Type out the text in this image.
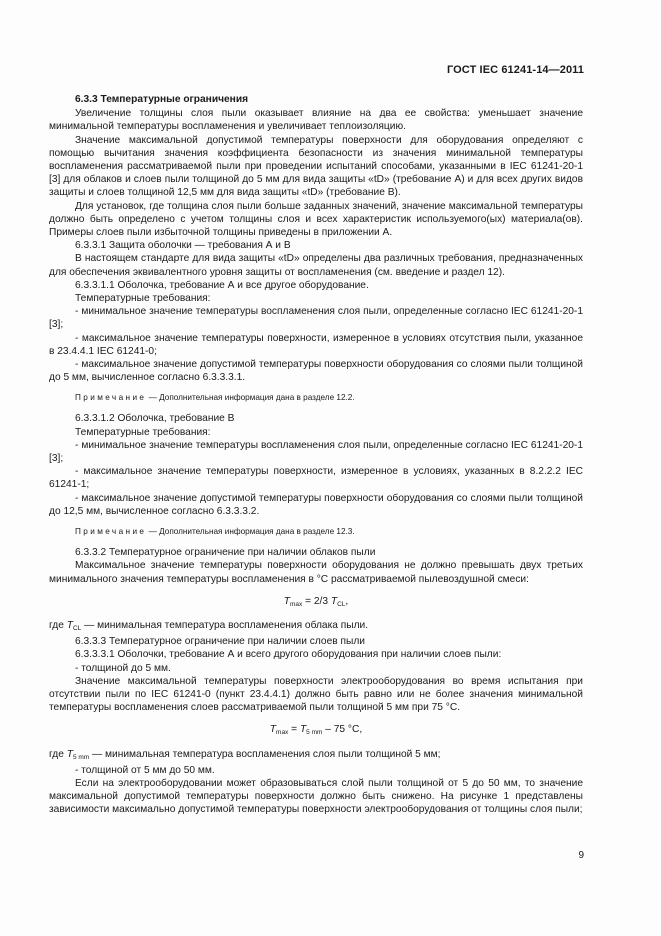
ГОСТ IEC 61241-14—2011
6.3.3 Температурные ограничения

Увеличение толщины слоя пыли оказывает влияние на два ее свойства: уменьшает значение минимальной температуры воспламенения и увеличивает теплоизоляцию.

Значение максимальной допустимой температуры поверхности для оборудования определяют с помощью вычитания значения коэффициента безопасности из значения минимальной температуры воспламенения рассматриваемой пыли при проведении испытаний способами, указанными в IEC 61241-20-1 [3] для облаков и слоев пыли толщиной до 5 мм для вида защиты «tD» (требование А) и для всех других видов защиты и слоев толщиной 12,5 мм для вида защиты «tD» (требование В).

Для установок, где толщина слоя пыли больше заданных значений, значение максимальной температуры должно быть определено с учетом толщины слоя и всех характеристик используемого(ых) материала(ов). Примеры слоев пыли избыточной толщины приведены в приложении А.

6.3.3.1 Защита оболочки — требования А и В

В настоящем стандарте для вида защиты «tD» определены два различных требования, предназначенных для обеспечения эквивалентного уровня защиты от воспламенения (см. введение и раздел 12).

6.3.3.1.1 Оболочка, требование А и все другое оборудование.

Температурные требования:

- минимальное значение температуры воспламенения слоя пыли, определенные согласно IEC 61241-20-1 [3];

- максимальное значение температуры поверхности, измеренное в условиях отсутствия пыли, указанное в 23.4.4.1 IEC 61241-0;

- максимальное значение допустимой температуры поверхности оборудования со слоями пыли толщиной до 5 мм, вычисленное согласно 6.3.3.3.1.

Примечание — Дополнительная информация дана в разделе 12.2.

6.3.3.1.2 Оболочка, требование В

Температурные требования:

- минимальное значение температуры воспламенения слоя пыли, определенные согласно IEC 61241-20-1 [3];

- максимальное значение температуры поверхности, измеренное в условиях, указанных в 8.2.2.2 IEC 61241-1;

- максимальное значение допустимой температуры поверхности оборудования со слоями пыли толщиной до 12,5 мм, вычисленное согласно 6.3.3.3.2.

Примечание — Дополнительная информация дана в разделе 12.3.

6.3.3.2 Температурное ограничение при наличии облаков пыли

Максимальное значение температуры поверхности оборудования не должно превышать двух третьих минимального значения температуры воспламенения в °С рассматриваемой пылевоздушной смеси:

Tmax = 2/3 TCL,

где TCL — минимальная температура воспламенения облака пыли.

6.3.3.3 Температурное ограничение при наличии слоев пыли

6.3.3.3.1 Оболочки, требование А и всего другого оборудования при наличии слоев пыли:

- толщиной до 5 мм.

Значение максимальной температуры поверхности электрооборудования во время испытания при отсутствии пыли по IEC 61241-0 (пункт 23.4.4.1) должно быть равно или не более значения минимальной температуры воспламенения слоев рассматриваемой пыли толщиной 5 мм при 75 °С.

Tmax = T5 mm – 75 °С,

где T5 mm — минимальная температура воспламенения слоя пыли толщиной 5 мм;

- толщиной от 5 мм до 50 мм.

Если на электрооборудовании может образовываться слой пыли толщиной от 5 до 50 мм, то значение максимальной допустимой температуры поверхности должно быть снижено. На рисунке 1 представлены зависимости максимально допустимой температуры поверхности электрооборудования от толщины слоя пыли;

9
